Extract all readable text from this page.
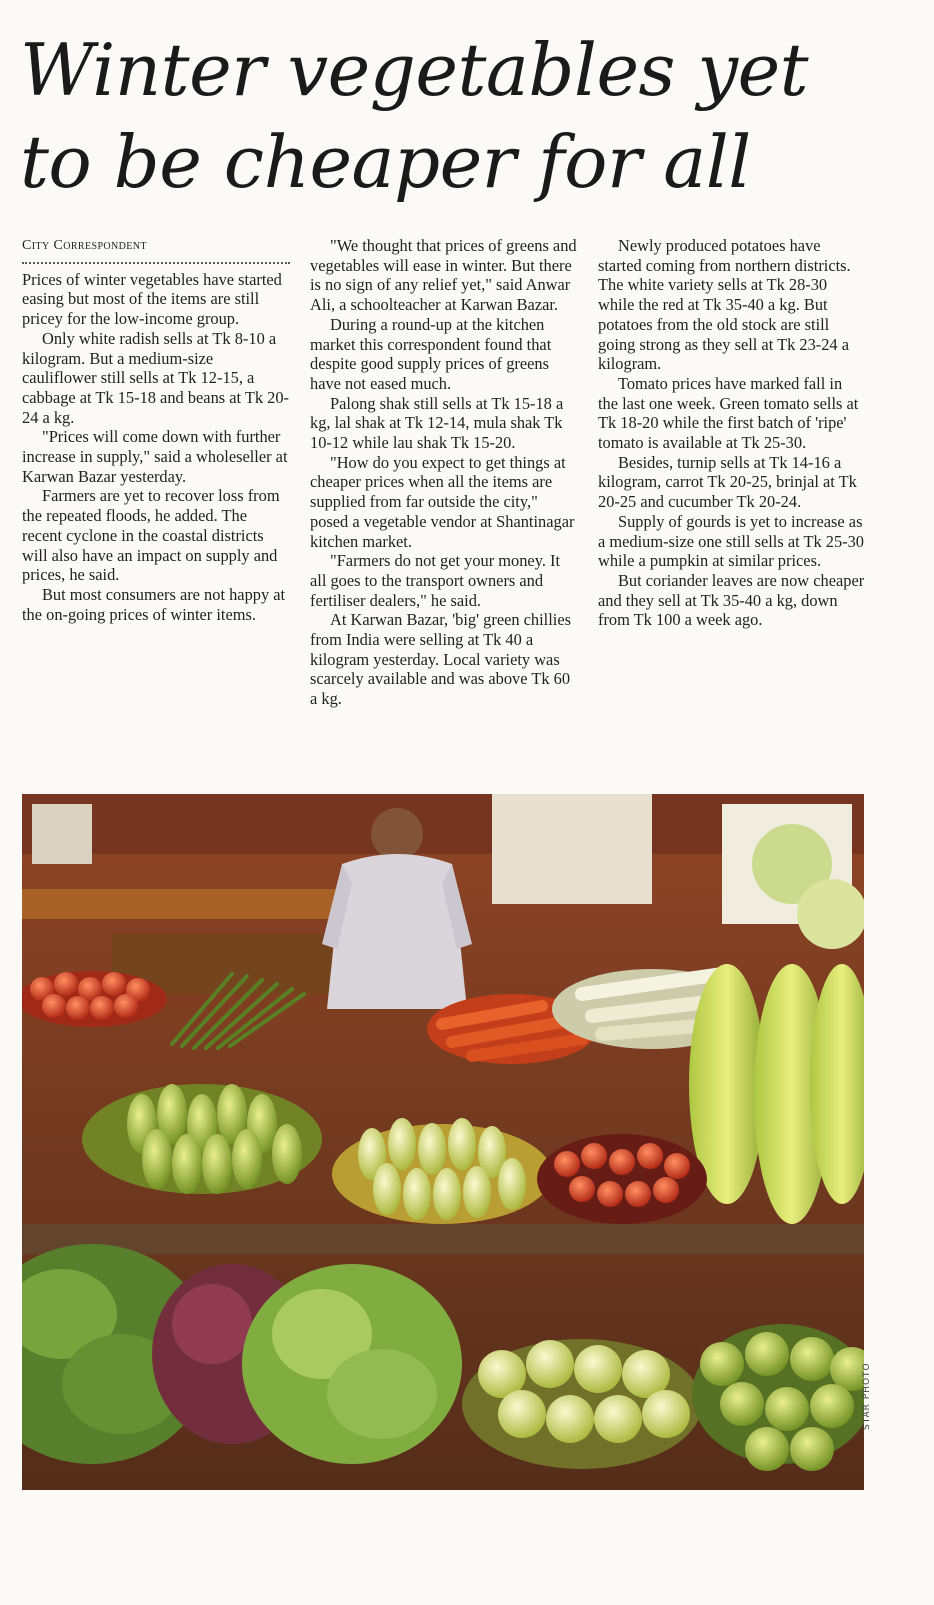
Winter vegetables yet
to be cheaper for all
City Correspondent

Prices of winter vegetables have started easing but most of the items are still pricey for the low-income group.

Only white radish sells at Tk 8-10 a kilogram. But a medium-size cauliflower still sells at Tk 12-15, a cabbage at Tk 15-18 and beans at Tk 20-24 a kg.

"Prices will come down with further increase in supply," said a wholeseller at Karwan Bazar yesterday.

Farmers are yet to recover loss from the repeated floods, he added. The recent cyclone in the coastal districts will also have an impact on supply and prices, he said.

But most consumers are not happy at the on-going prices of winter items.

"We thought that prices of greens and vegetables will ease in winter. But there is no sign of any relief yet," said Anwar Ali, a schoolteacher at Karwan Bazar.

During a round-up at the kitchen market this correspondent found that despite good supply prices of greens have not eased much.

Palong shak still sells at Tk 15-18 a kg, lal shak at Tk 12-14, mula shak Tk 10-12 while lau shak Tk 15-20.

"How do you expect to get things at cheaper prices when all the items are supplied from far outside the city," posed a vegetable vendor at Shantinagar kitchen market.

"Farmers do not get your money. It all goes to the transport owners and fertiliser dealers," he said.

At Karwan Bazar, 'big' green chillies from India were selling at Tk 40 a kilogram yesterday. Local variety was scarcely available and was above Tk 60 a kg.

Newly produced potatoes have started coming from northern districts. The white variety sells at Tk 28-30 while the red at Tk 35-40 a kg. But potatoes from the old stock are still going strong as they sell at Tk 23-24 a kilogram.

Tomato prices have marked fall in the last one week. Green tomato sells at Tk 18-20 while the first batch of 'ripe' tomato is available at Tk 25-30.

Besides, turnip sells at Tk 14-16 a kilogram, carrot Tk 20-25, brinjal at Tk 20-25 and cucumber Tk 20-24.

Supply of gourds is yet to increase as a medium-size one still sells at Tk 25-30 while a pumpkin at similar prices.

But coriander leaves are now cheaper and they sell at Tk 35-40 a kg, down from Tk 100 a week ago.

STAR PHOTO
